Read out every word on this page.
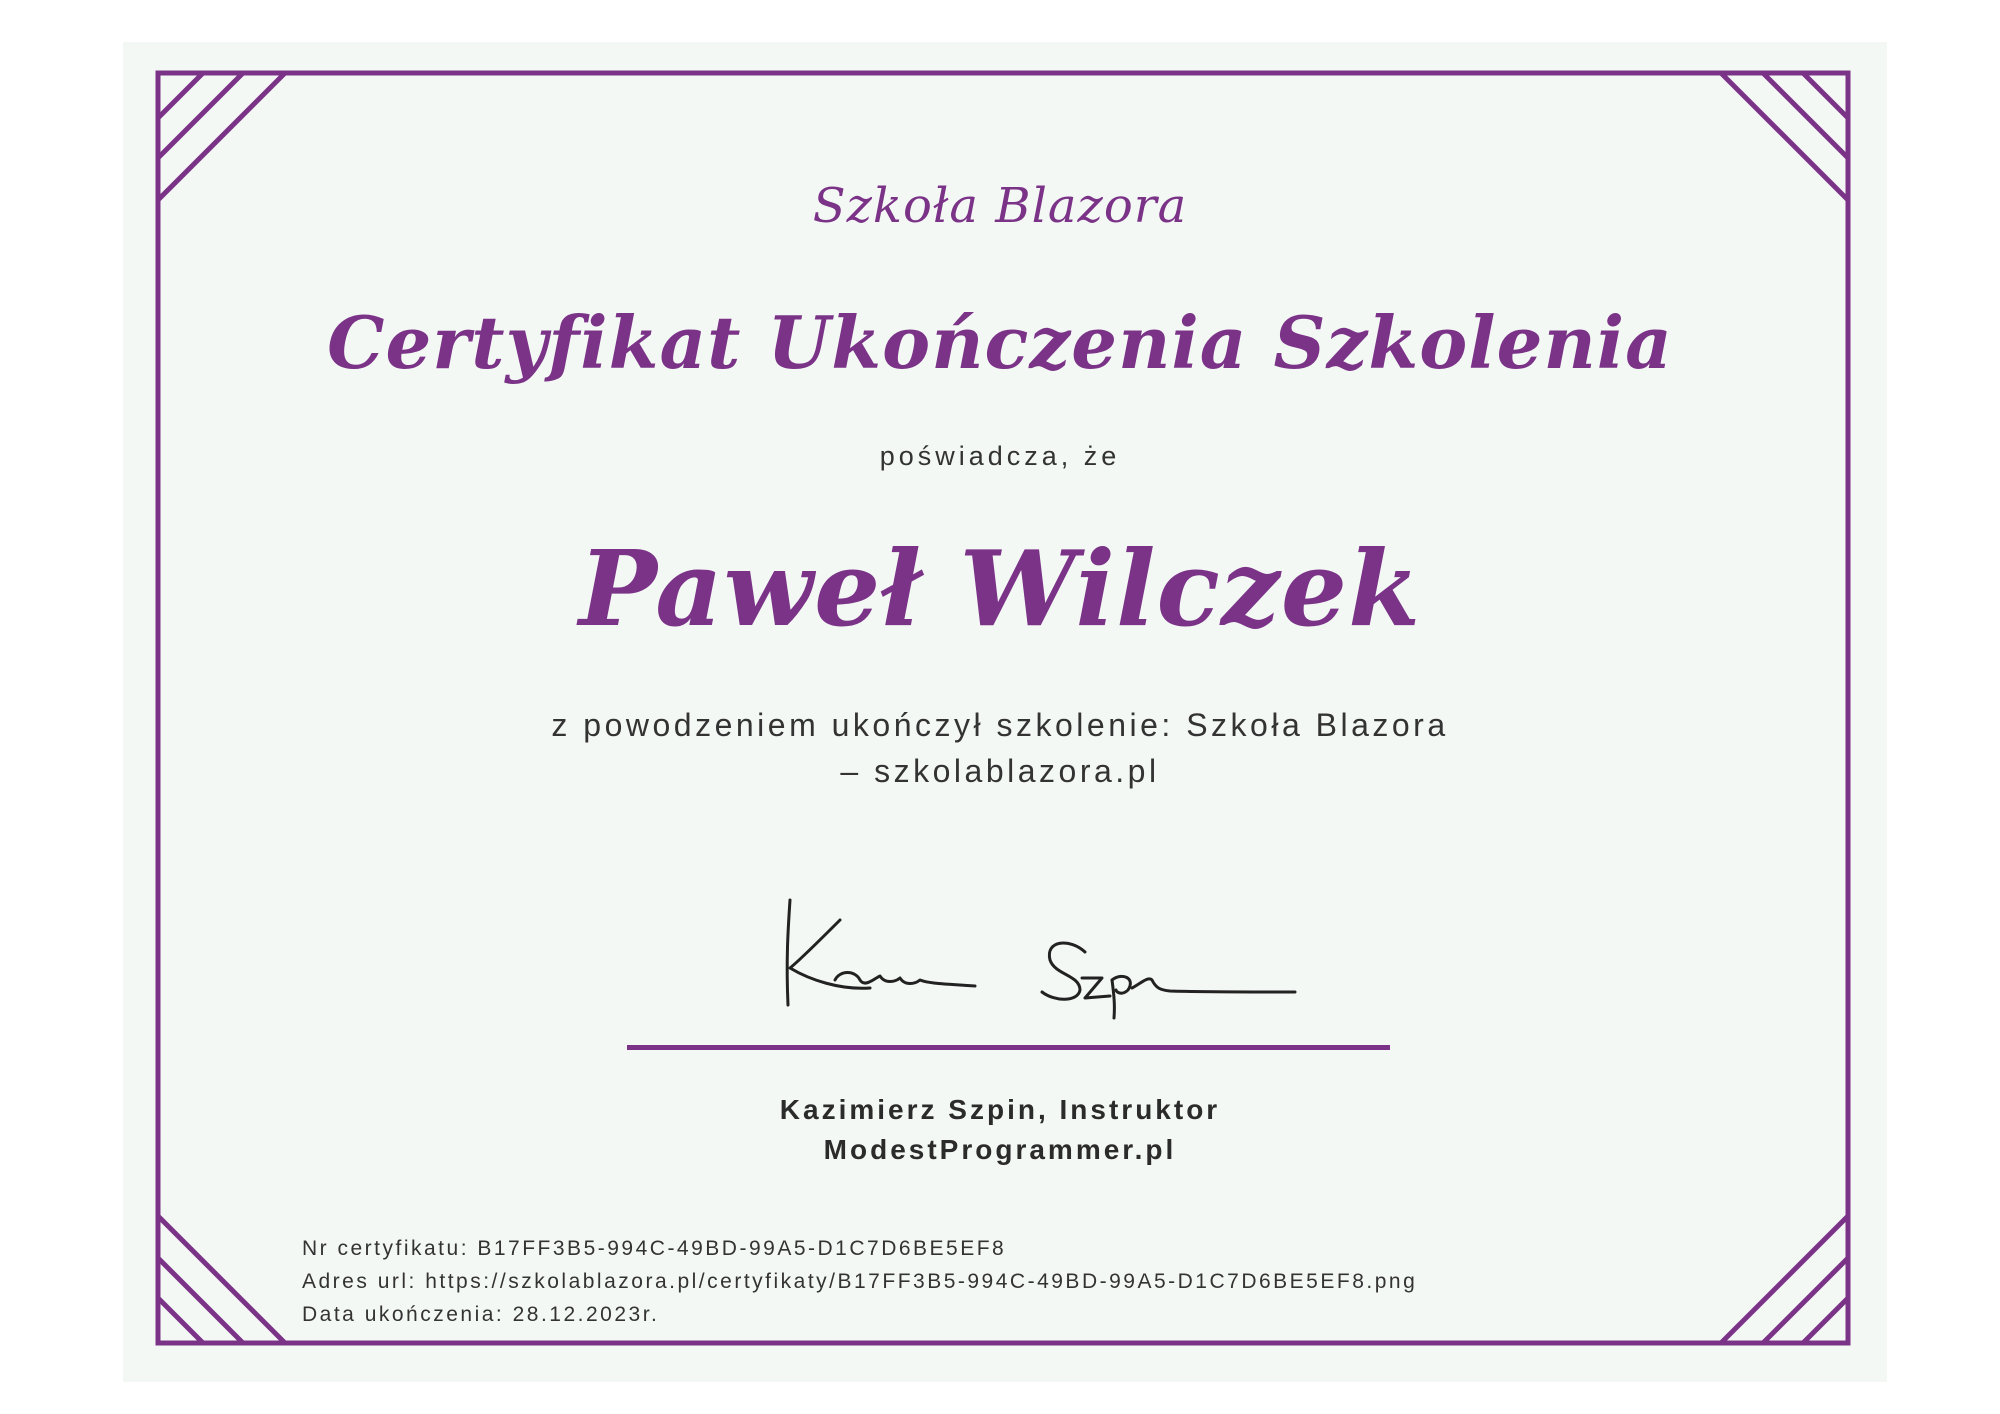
Szkoła Blazora
Certyfikat Ukończenia Szkolenia
poświadcza, że
Paweł Wilczek
z powodzeniem ukończył szkolenie: Szkoła Blazora
– szkolablazora.pl
Kazimierz Szpin, Instruktor
ModestProgrammer.pl
Nr certyfikatu: B17FF3B5-994C-49BD-99A5-D1C7D6BE5EF8
Adres url: https://szkolablazora.pl/certyfikaty/B17FF3B5-994C-49BD-99A5-D1C7D6BE5EF8.png
Data ukończenia: 28.12.2023r.
